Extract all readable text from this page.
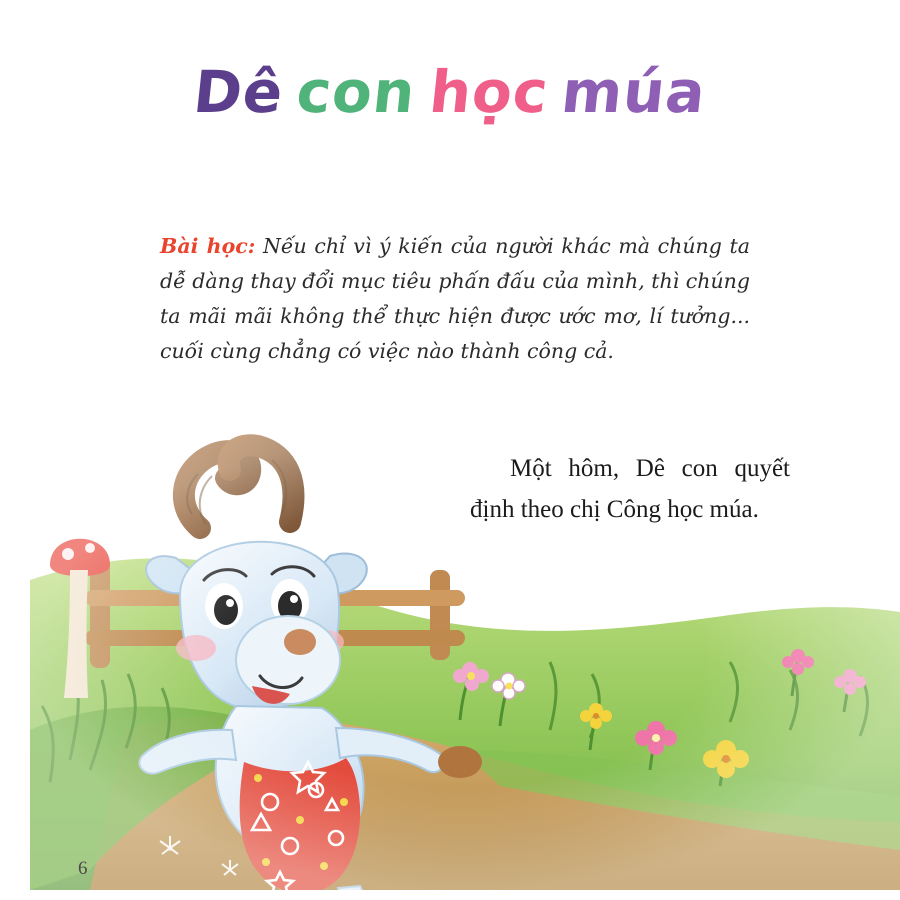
Dê con học múa

Bài học: Nếu chỉ vì ý kiến của người khác mà chúng ta dễ dàng thay đổi mục tiêu phấn đấu của mình, thì chúng ta mãi mãi không thể thực hiện được ước mơ, lí tưởng... cuối cùng chẳng có việc nào thành công cả.

Một hôm, Dê con quyết định theo chị Công học múa.

6
